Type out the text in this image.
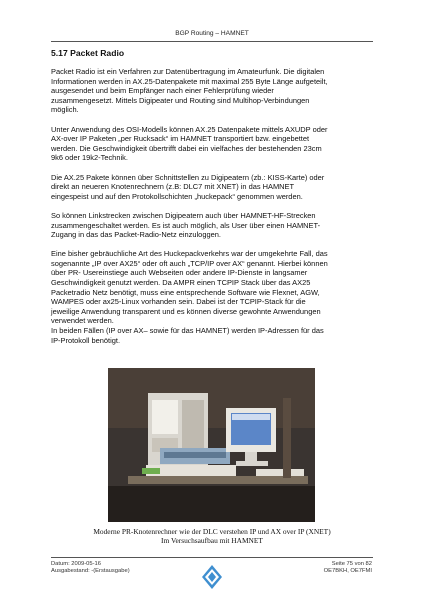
BGP Routing – HAMNET
5.17 Packet Radio

Packet Radio ist ein Verfahren zur Datenübertragung im Amateurfunk. Die digitalen
Informationen werden in AX.25-Datenpakete mit maximal 255 Byte Länge aufgeteilt,
ausgesendet und beim Empfänger nach einer Fehlerprüfung wieder
zusammengesetzt. Mittels Digipeater und Routing sind Multihop-Verbindungen
möglich.

Unter Anwendung des OSI-Modells können AX.25 Datenpakete mittels AXUDP oder
AX-over IP Paketen „per Rucksack“ im HAMNET transportiert bzw. eingebettet
werden. Die Geschwindigkeit übertrifft dabei ein vielfaches der bestehenden 23cm
9k6 oder 19k2-Technik.

Die AX.25 Pakete können über Schnittstellen zu Digipeatern (zb.: KISS-Karte) oder
direkt an neueren Knotenrechnern (z.B: DLC7 mit XNET) in das HAMNET
eingespeist und auf den Protokollschichten „huckepack“ genommen werden.

So können Linkstrecken zwischen Digipeatern auch über HAMNET-HF-Strecken
zusammengeschaltet werden. Es ist auch möglich, als User über einen HAMNET-
Zugang in das das Packet-Radio-Netz einzuloggen.

Eine bisher gebräuchliche Art des Huckepackverkehrs war der umgekehrte Fall, das
sogenannte „IP over AX25“ oder oft auch „TCP/IP over AX“ genannt. Hierbei können
über PR- Usereinstiege auch Webseiten oder andere IP-Dienste in langsamer
Geschwindigkeit genutzt werden. Da AMPR einen TCPIP Stack über das AX25
Packetradio Netz benötigt, muss eine entsprechende Software wie Flexnet, AGW,
WAMPES oder ax25-Linux vorhanden sein. Dabei ist der TCPIP-Stack für die
jeweilige Anwendung transparent und es können diverse gewohnte Anwendungen
verwendet werden.

In beiden Fällen (IP over AX– sowie für das HAMNET) werden IP-Adressen für das
IP-Protokoll benötigt.

Moderne PR-Knotenrechner wie der DLC verstehen IP und AX over IP (XNET)
Im Versuchsaufbau mit HAMNET
Datum: 2009-05-16
Ausgabestand: -(Erstausgabe)
Seite 75 von 82
OE7BKH, OE7FMI
